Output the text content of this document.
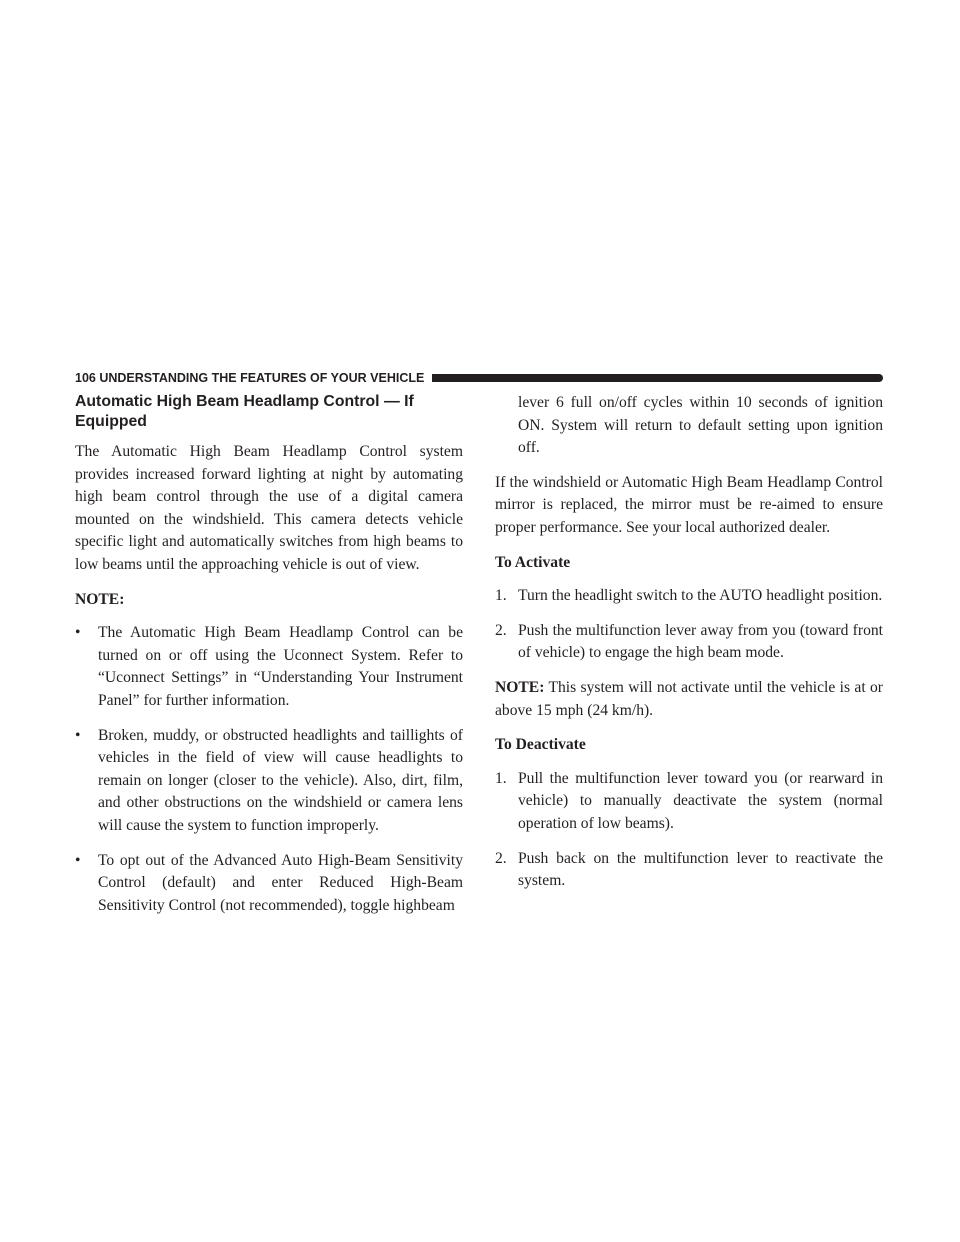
106 UNDERSTANDING THE FEATURES OF YOUR VEHICLE
Automatic High Beam Headlamp Control — If Equipped

The Automatic High Beam Headlamp Control system provides increased forward lighting at night by automating high beam control through the use of a digital camera mounted on the windshield. This camera detects vehicle specific light and automatically switches from high beams to low beams until the approaching vehicle is out of view.

NOTE:

• The Automatic High Beam Headlamp Control can be turned on or off using the Uconnect System. Refer to “Uconnect Settings” in “Understanding Your Instrument Panel” for further information.
• Broken, muddy, or obstructed headlights and taillights of vehicles in the field of view will cause headlights to remain on longer (closer to the vehicle). Also, dirt, film, and other obstructions on the windshield or camera lens will cause the system to function improperly.
• To opt out of the Advanced Auto High-Beam Sensitivity Control (default) and enter Reduced High-Beam Sensitivity Control (not recommended), toggle highbeam

lever 6 full on/off cycles within 10 seconds of ignition ON. System will return to default setting upon ignition off.

If the windshield or Automatic High Beam Headlamp Control mirror is replaced, the mirror must be re-aimed to ensure proper performance. See your local authorized dealer.

To Activate

1. Turn the headlight switch to the AUTO headlight position.
2. Push the multifunction lever away from you (toward front of vehicle) to engage the high beam mode.

NOTE: This system will not activate until the vehicle is at or above 15 mph (24 km/h).

To Deactivate

1. Pull the multifunction lever toward you (or rearward in vehicle) to manually deactivate the system (normal operation of low beams).
2. Push back on the multifunction lever to reactivate the system.
